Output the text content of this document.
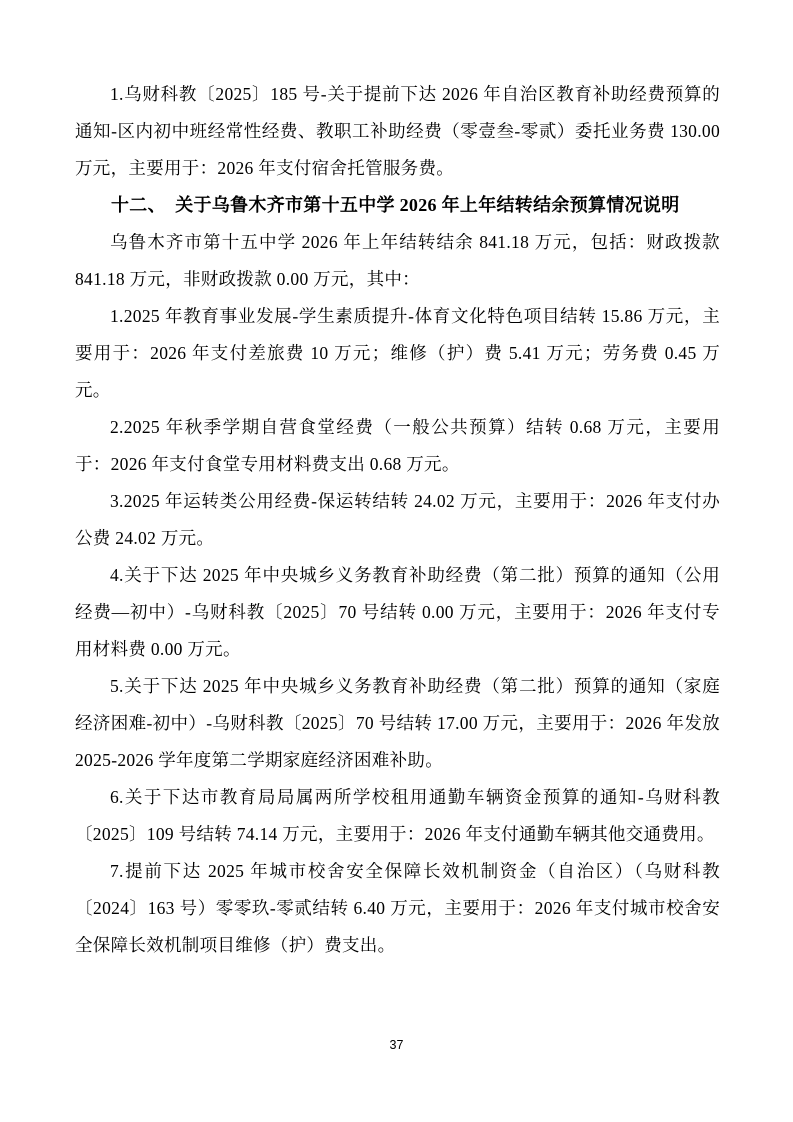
1.乌财科教〔2025〕185 号-关于提前下达 2026 年自治区教育补助经费预算的通知-区内初中班经常性经费、教职工补助经费（零壹叁-零贰）委托业务费 130.00 万元，主要用于：2026 年支付宿舍托管服务费。

十二、　关于乌鲁木齐市第十五中学 2026 年上年结转结余预算情况说明

乌鲁木齐市第十五中学 2026 年上年结转结余 841.18 万元，包括：财政拨款 841.18 万元，非财政拨款 0.00 万元，其中：

1.2025 年教育事业发展-学生素质提升-体育文化特色项目结转 15.86 万元，主要用于：2026 年支付差旅费 10 万元；维修（护）费 5.41 万元；劳务费 0.45 万元。

2.2025 年秋季学期自营食堂经费（一般公共预算）结转 0.68 万元，主要用于：2026 年支付食堂专用材料费支出 0.68 万元。

3.2025 年运转类公用经费-保运转结转 24.02 万元，主要用于：2026 年支付办公费 24.02 万元。

4.关于下达 2025 年中央城乡义务教育补助经费（第二批）预算的通知（公用经费—初中）-乌财科教〔2025〕70 号结转 0.00 万元，主要用于：2026 年支付专用材料费 0.00 万元。

5.关于下达 2025 年中央城乡义务教育补助经费（第二批）预算的通知（家庭经济困难-初中）-乌财科教〔2025〕70 号结转 17.00 万元，主要用于：2026 年发放 2025-2026 学年度第二学期家庭经济困难补助。

6.关于下达市教育局局属两所学校租用通勤车辆资金预算的通知-乌财科教〔2025〕109 号结转 74.14 万元，主要用于：2026 年支付通勤车辆其他交通费用。

7.提前下达 2025 年城市校舍安全保障长效机制资金（自治区）（乌财科教〔2024〕163 号）零零玖-零贰结转 6.40 万元，主要用于：2026 年支付城市校舍安全保障长效机制项目维修（护）费支出。

37
